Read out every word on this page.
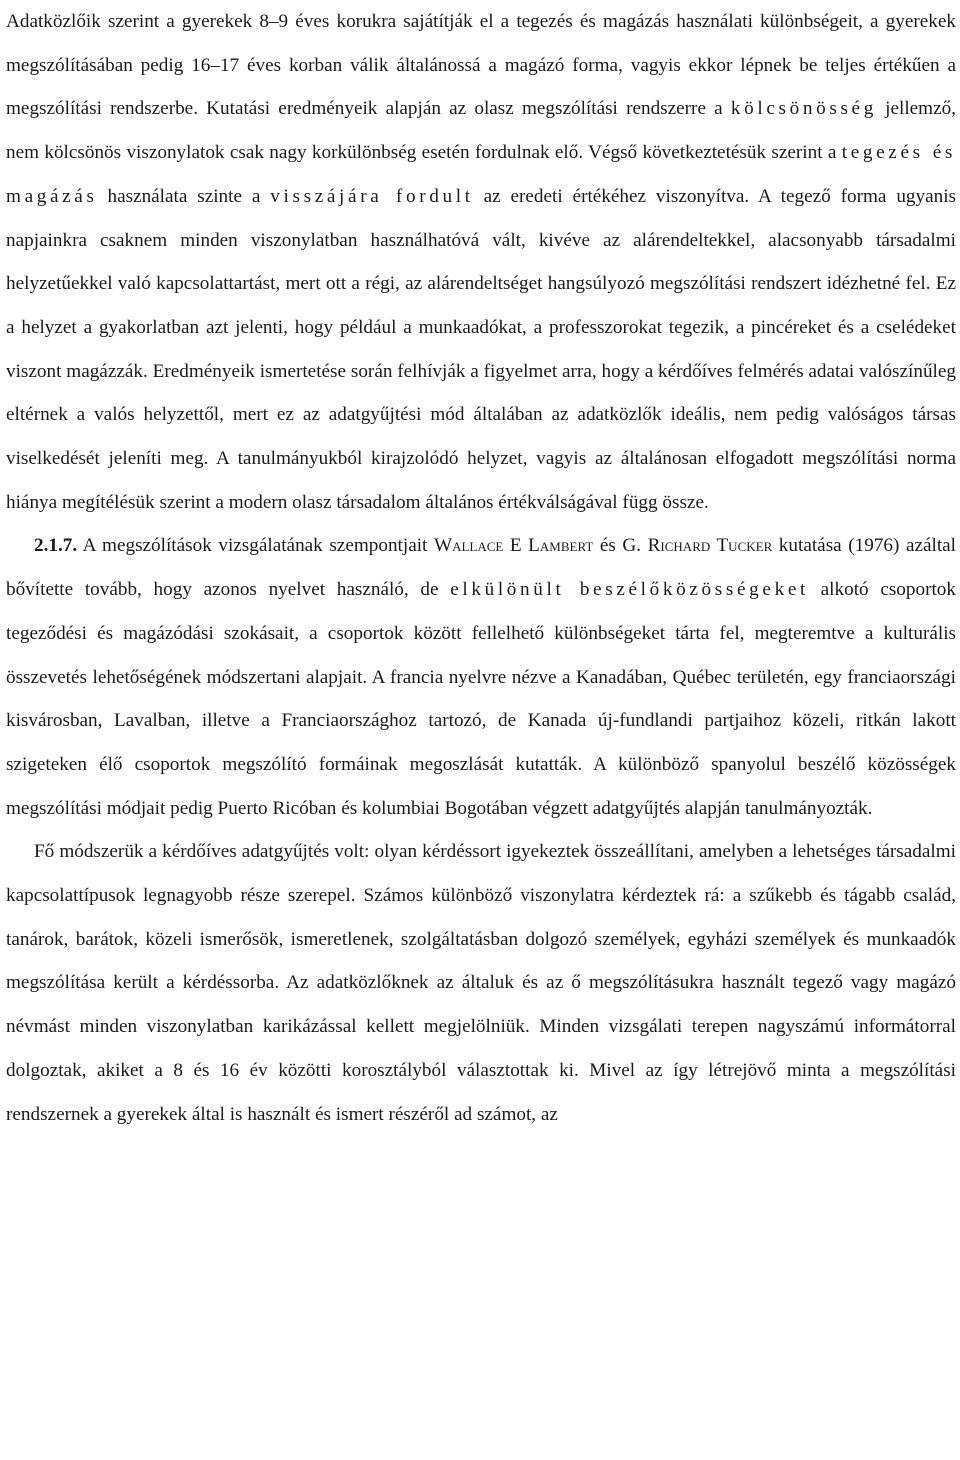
Adatközlőik szerint a gyerekek 8–9 éves korukra sajátítják el a tegezés és magázás használati különbségeit, a gyerekek megszólításában pedig 16–17 éves korban válik általánossá a magázó forma, vagyis ekkor lépnek be teljes értékűen a megszólítási rendszerbe. Kutatási eredményeik alapján az olasz megszólítási rendszerre a kölcsönösség jellemző, nem kölcsönös viszonylatok csak nagy korkülönbség esetén fordulnak elő. Végső következtetésük szerint a tegezés és magázás használata szinte a visszájára fordult az eredeti értékéhez viszonyítva. A tegező forma ugyanis napjainkra csaknem minden viszonylatban használhatóvá vált, kivéve az alárendeltekkel, alacsonyabb társadalmi helyzetűekkel való kapcsolattartást, mert ott a régi, az alárendeltséget hangsúlyozó megszólítási rendszert idézhetné fel. Ez a helyzet a gyakorlatban azt jelenti, hogy például a munkaadókat, a professzorokat tegezik, a pincéreket és a cselédeket viszont magázzák. Eredményeik ismertetése során felhívják a figyelmet arra, hogy a kérdőíves felmérés adatai valószínűleg eltérnek a valós helyzettől, mert ez az adatgyűjtési mód általában az adatközlők ideális, nem pedig valóságos társas viselkedését jeleníti meg. A tanulmányukból kirajzolódó helyzet, vagyis az általánosan elfogadott megszólítási norma hiánya megítélésük szerint a modern olasz társadalom általános értékválságával függ össze.

2.1.7. A megszólítások vizsgálatának szempontjait Wallace E Lambert és G. Richard Tucker kutatása (1976) azáltal bővítette tovább, hogy azonos nyelvet használó, de elkülönült beszélőközösségeket alkotó csoportok tegeződési és magázódási szokásait, a csoportok között fellelhető különbségeket tárta fel, megteremtve a kulturális összevetés lehetőségének módszertani alapjait. A francia nyelvre nézve a Kanadában, Québec területén, egy franciaországi kisvárosban, Lavalban, illetve a Franciaországhoz tartozó, de Kanada új-fundlandi partjaihoz közeli, ritkán lakott szigeteken élő csoportok megszólító formáinak megoszlását kutatták. A különböző spanyolul beszélő közösségek megszólítási módjait pedig Puerto Ricóban és kolumbiai Bogotában végzett adatgyűjtés alapján tanulmányozták.

Fő módszerük a kérdőíves adatgyűjtés volt: olyan kérdéssort igyekeztek összeállítani, amelyben a lehetséges társadalmi kapcsolattípusok legnagyobb része szerepel. Számos különböző viszonylatra kérdeztek rá: a szűkebb és tágabb család, tanárok, barátok, közeli ismerősök, ismeretlenek, szolgáltatásban dolgozó személyek, egyházi személyek és munkaadók megszólítása került a kérdéssorba. Az adatközlőknek az általuk és az ő megszólításukra használt tegező vagy magázó névmást minden viszonylatban karikázással kellett megjelölniük. Minden vizsgálati terepen nagyszámú informátorral dolgoztak, akiket a 8 és 16 év közötti korosztályból választottak ki. Mivel az így létrejövő minta a megszólítási rendszernek a gyerekek által is használt és ismert részéről ad számot, az
